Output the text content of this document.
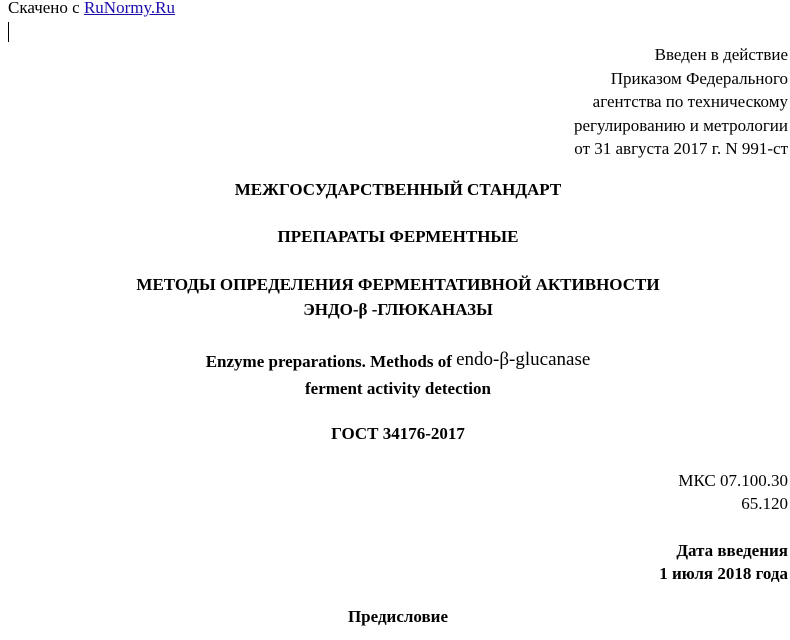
Скачено с RuNormy.Ru
Введен в действие
Приказом Федерального
агентства по техническому
регулированию и метрологии
от 31 августа 2017 г. N 991-ст
МЕЖГОСУДАРСТВЕННЫЙ СТАНДАРТ
ПРЕПАРАТЫ ФЕРМЕНТНЫЕ
МЕТОДЫ ОПРЕДЕЛЕНИЯ ФЕРМЕНТАТИВНОЙ АКТИВНОСТИ
ЭНДО-β -ГЛЮКАНАЗЫ
Enzyme preparations. Methods of endo-β-glucanase
ferment activity detection
ГОСТ 34176-2017
МКС 07.100.30
65.120
Дата введения
1 июля 2018 года
Предисловие
